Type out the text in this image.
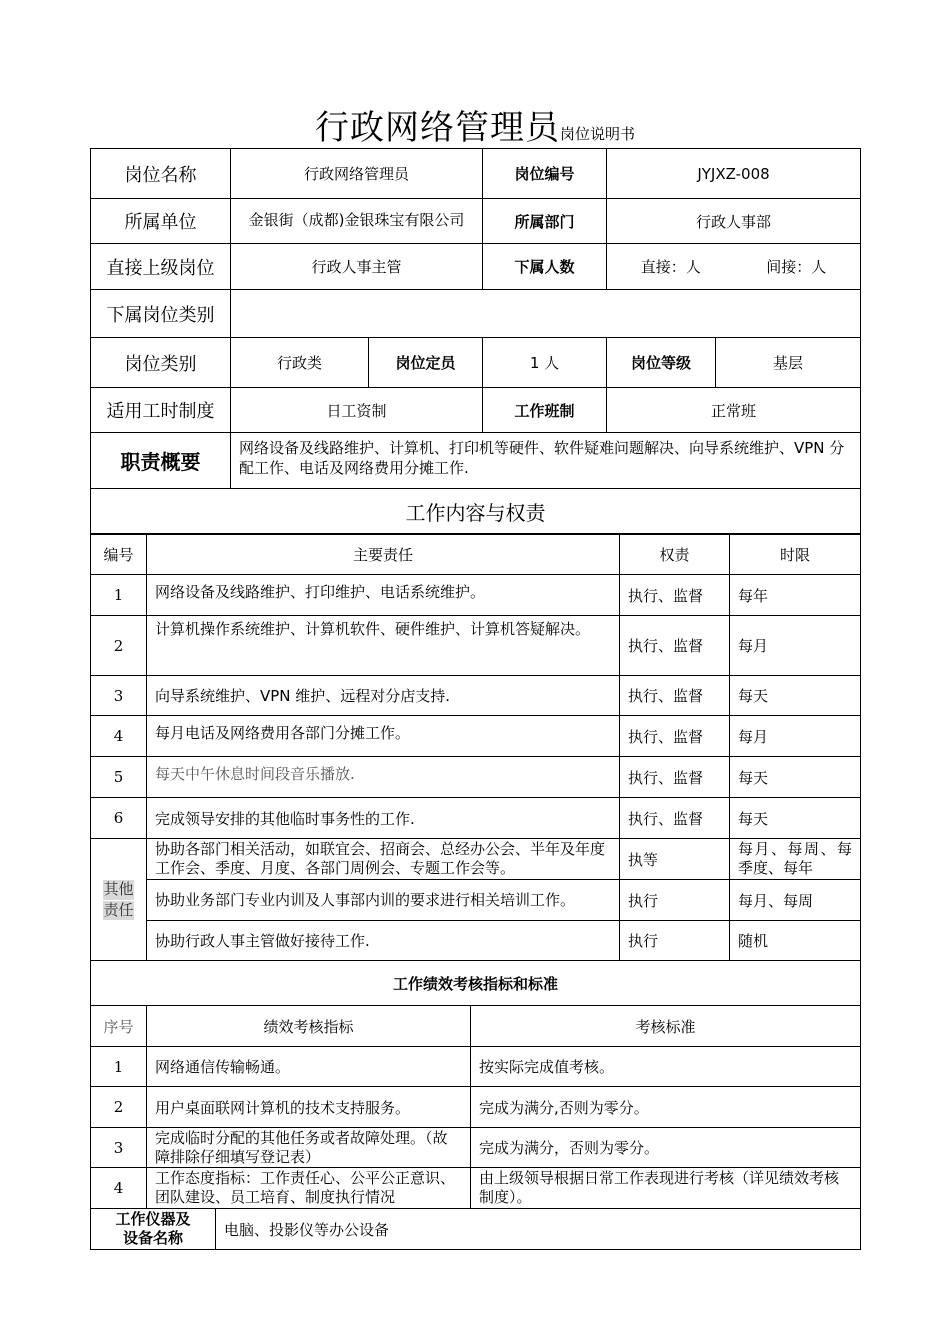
行政网络管理员岗位说明书
岗位名称	行政网络管理员		岗位编号	JYJXZ-008	
所属单位	金银街（成都)金银珠宝有限公司		所属部门	行政人事部	
直接上级岗位	行政人事主管		下属人数	直接：人 间接：人	
下属岗位类别					
岗位类别	行政类	岗位定员	1 人	岗位等级	基层
适用工时制度	日工资制		工作班制	正常班	
职责概要	网络设备及线路维护、计算机、打印机等硬件、软件疑难问题解决、向导系统维护、VPN 分配工作、电话及网络费用分摊工作.				
工作内容与权责					
编号	主要责任	权责	时限
1	网络设备及线路维护、打印维护、电话系统维护。	执行、监督	每年
2	计算机操作系统维护、计算机软件、硬件维护、计算机答疑解决。	执行、监督	每月
3	向导系统维护、VPN 维护、远程对分店支持.	执行、监督	每天
4	每月电话及网络费用各部门分摊工作。	执行、监督	每月
5	每天中午休息时间段音乐播放.	执行、监督	每天
6	完成领导安排的其他临时事务性的工作.	执行、监督	每天
其他
责任	协助各部门相关活动，如联宜会、招商会、总经办公会、半年及年度工作会、季度、月度、各部门周例会、专题工作会等。	执等	每月、每周、每季度、每年
	协助业务部门专业内训及人事部内训的要求进行相关培训工作。	执行	每月、每周
	协助行政人事主管做好接待工作.	执行	随机
工作绩效考核指标和标准		
序号	绩效考核指标	考核标准
1	网络通信传输畅通。	按实际完成值考核。
2	用户桌面联网计算机的技术支持服务。	完成为满分,否则为零分。
3	完成临时分配的其他任务或者故障处理。（故障排除仔细填写登记表）	完成为满分，否则为零分。
4	工作态度指标：工作责任心、公平公正意识、团队建设、员工培育、制度执行情况	由上级领导根据日常工作表现进行考核（详见绩效考核制度）。
工作仪器及
设备名称	电脑、投影仪等办公设备
